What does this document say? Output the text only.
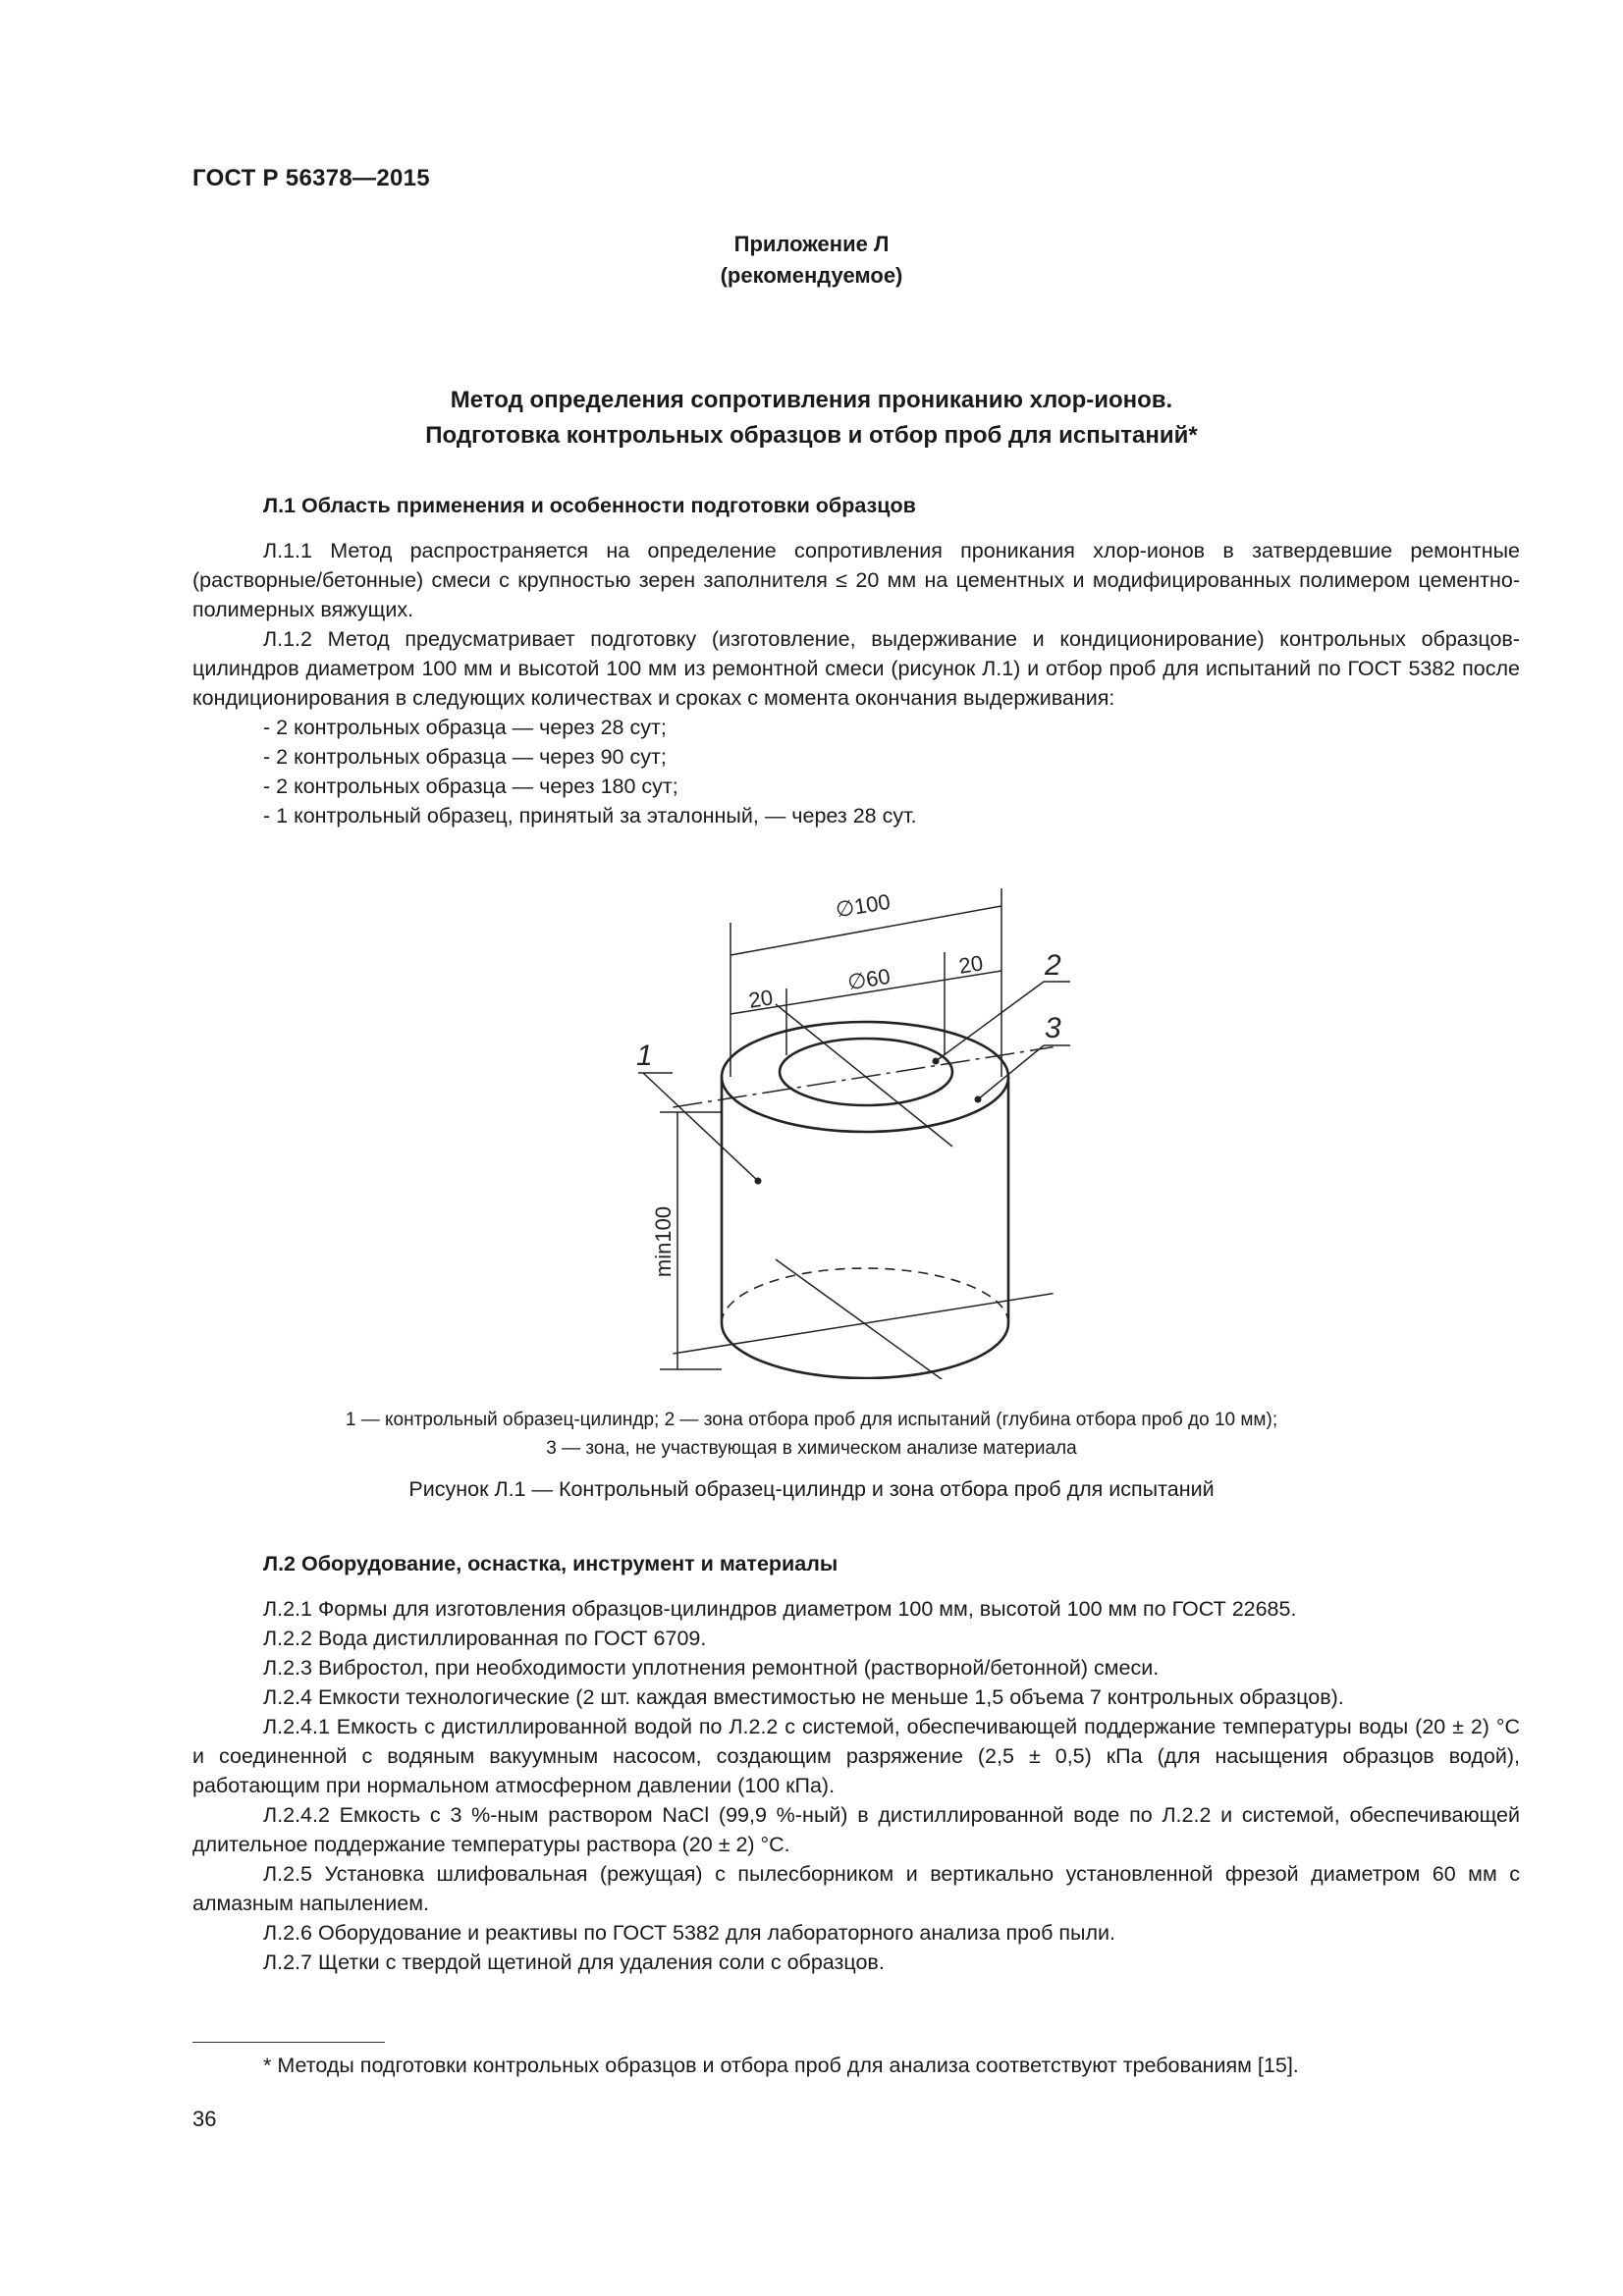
ГОСТ Р 56378—2015
Приложение Л
(рекомендуемое)
Метод определения сопротивления прониканию хлор-ионов.
Подготовка контрольных образцов и отбор проб для испытаний*

Л.1 Область применения и особенности подготовки образцов

Л.1.1 Метод распространяется на определение сопротивления проникания хлор-ионов в затвердевшие ремонтные (растворные/бетонные) смеси с крупностью зерен заполнителя ≤ 20 мм на цементных и модифицированных полимером цементно-полимерных вяжущих.

Л.1.2 Метод предусматривает подготовку (изготовление, выдерживание и кондиционирование) контрольных образцов-цилиндров диаметром 100 мм и высотой 100 мм из ремонтной смеси (рисунок Л.1) и отбор проб для испытаний по ГОСТ 5382 после кондиционирования в следующих количествах и сроках с момента окончания выдерживания:

- 2 контрольных образца — через 28 сут;

- 2 контрольных образца — через 90 сут;

- 2 контрольных образца — через 180 сут;

- 1 контрольный образец, принятый за эталонный, — через 28 сут.

∅100
∅60
20
20
min100
1
2
3
1 — контрольный образец-цилиндр; 2 — зона отбора проб для испытаний (глубина отбора проб до 10 мм);
3 — зона, не участвующая в химическом анализе материала
Рисунок Л.1 — Контрольный образец-цилиндр и зона отбора проб для испытаний

Л.2 Оборудование, оснастка, инструмент и материалы

Л.2.1 Формы для изготовления образцов-цилиндров диаметром 100 мм, высотой 100 мм по ГОСТ 22685.

Л.2.2 Вода дистиллированная по ГОСТ 6709.

Л.2.3 Вибростол, при необходимости уплотнения ремонтной (растворной/бетонной) смеси.

Л.2.4 Емкости технологические (2 шт. каждая вместимостью не меньше 1,5 объема 7 контрольных образцов).

Л.2.4.1 Емкость с дистиллированной водой по Л.2.2 с системой, обеспечивающей поддержание температуры воды (20 ± 2) °С и соединенной с водяным вакуумным насосом, создающим разряжение (2,5 ± 0,5) кПа (для насыщения образцов водой), работающим при нормальном атмосферном давлении (100 кПа).

Л.2.4.2 Емкость с 3 %-ным раствором NaCl (99,9 %-ный) в дистиллированной воде по Л.2.2 и системой, обеспечивающей длительное поддержание температуры раствора (20 ± 2) °С.

Л.2.5 Установка шлифовальная (режущая) с пылесборником и вертикально установленной фрезой диаметром 60 мм с алмазным напылением.

Л.2.6 Оборудование и реактивы по ГОСТ 5382 для лабораторного анализа проб пыли.

Л.2.7 Щетки с твердой щетиной для удаления соли с образцов.

* Методы подготовки контрольных образцов и отбора проб для анализа соответствуют требованиям [15].
36
